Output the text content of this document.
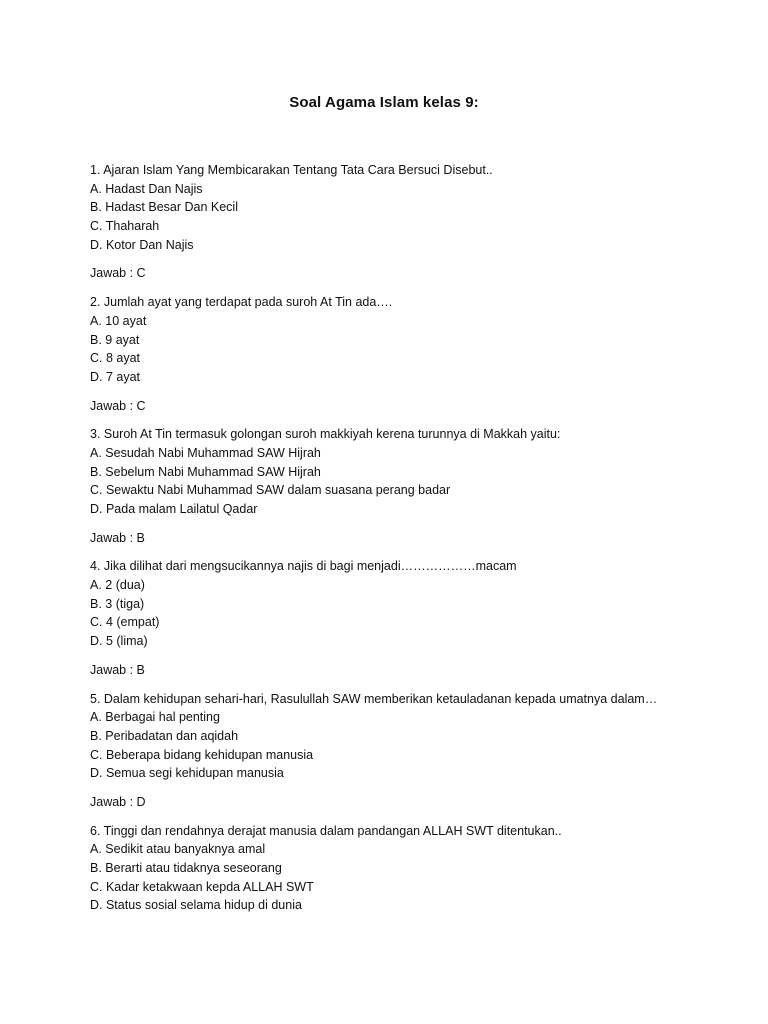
Soal Agama Islam kelas 9:
1. Ajaran Islam Yang Membicarakan Tentang Tata Cara Bersuci Disebut..
A. Hadast Dan Najis
B. Hadast Besar Dan Kecil
C. Thaharah
D. Kotor Dan Najis
Jawab : C
2. Jumlah ayat yang terdapat pada suroh At Tin ada….
A. 10 ayat
B. 9 ayat
C. 8 ayat
D. 7 ayat
Jawab : C
3. Suroh At Tin termasuk golongan suroh makkiyah kerena turunnya di Makkah yaitu:
A. Sesudah Nabi Muhammad SAW Hijrah
B. Sebelum Nabi Muhammad SAW Hijrah
C. Sewaktu Nabi Muhammad SAW dalam suasana perang badar
D. Pada malam Lailatul Qadar
Jawab : B
4. Jika dilihat dari mengsucikannya najis di bagi menjadi………………macam
A. 2 (dua)
B. 3 (tiga)
C. 4 (empat)
D. 5 (lima)
Jawab : B
5. Dalam kehidupan sehari-hari, Rasulullah SAW memberikan ketauladanan kepada umatnya dalam…
A. Berbagai hal penting
B. Peribadatan dan aqidah
C. Beberapa bidang kehidupan manusia
D. Semua segi kehidupan manusia
Jawab : D
6. Tinggi dan rendahnya derajat manusia dalam pandangan ALLAH SWT ditentukan..
A. Sedikit atau banyaknya amal
B. Berarti atau tidaknya seseorang
C. Kadar ketakwaan kepda ALLAH SWT
D. Status sosial selama hidup di dunia
